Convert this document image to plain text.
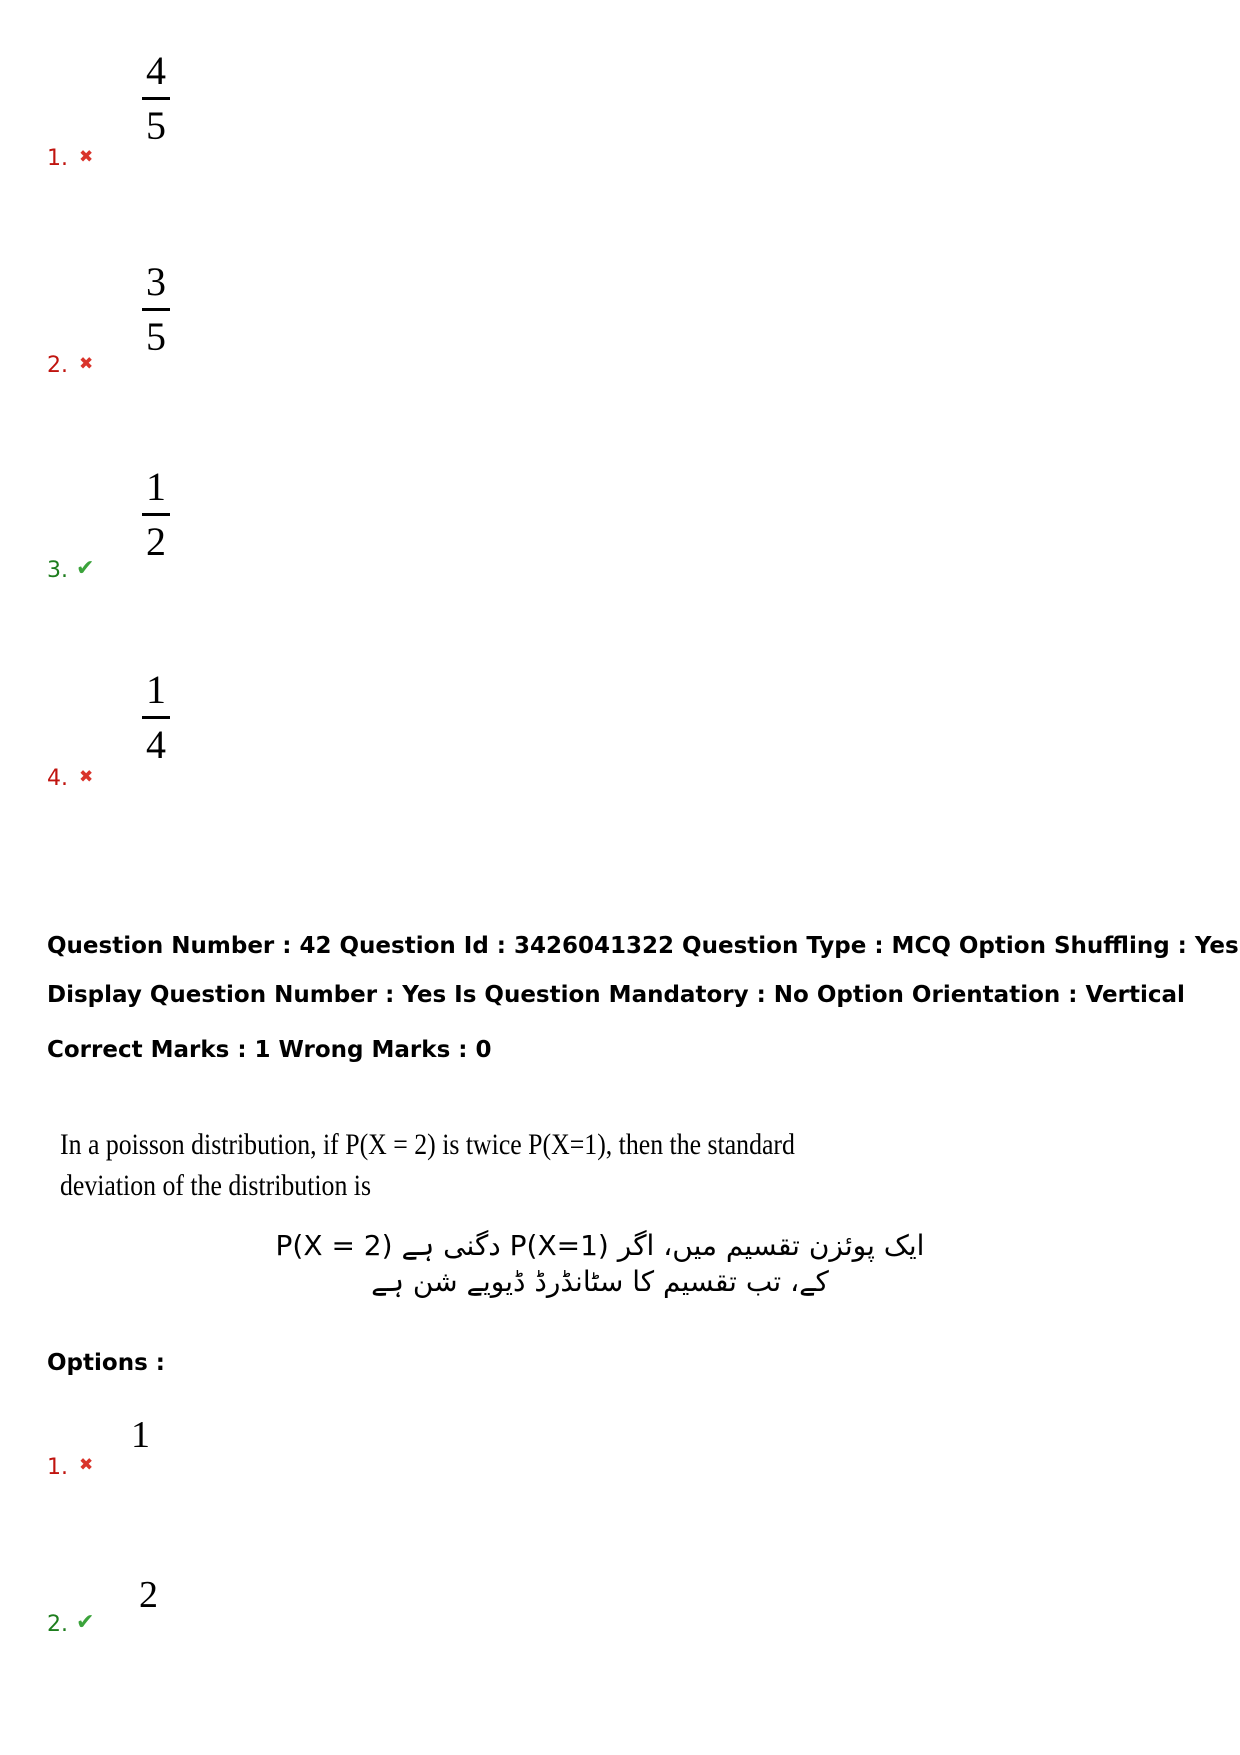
4
5
1. ✖
3
5
2. ✖
1
2
3. ✔
1
4
4. ✖
Question Number : 42 Question Id : 3426041322 Question Type : MCQ Option Shuffling : Yes
Display Question Number : Yes Is Question Mandatory : No Option Orientation : Vertical
Correct Marks : 1 Wrong Marks : 0
In a poisson distribution, if P(X = 2) is twice P(X=1), then the standard deviation of the distribution is
ایک پوئزن تقسیم میں، اگر P(X=1) دگنی ہے P(X = 2) کے، تب تقسیم کا سٹانڈرڈ ڈیویے شن ہے
Options :
1
1. ✖
2
2. ✔
